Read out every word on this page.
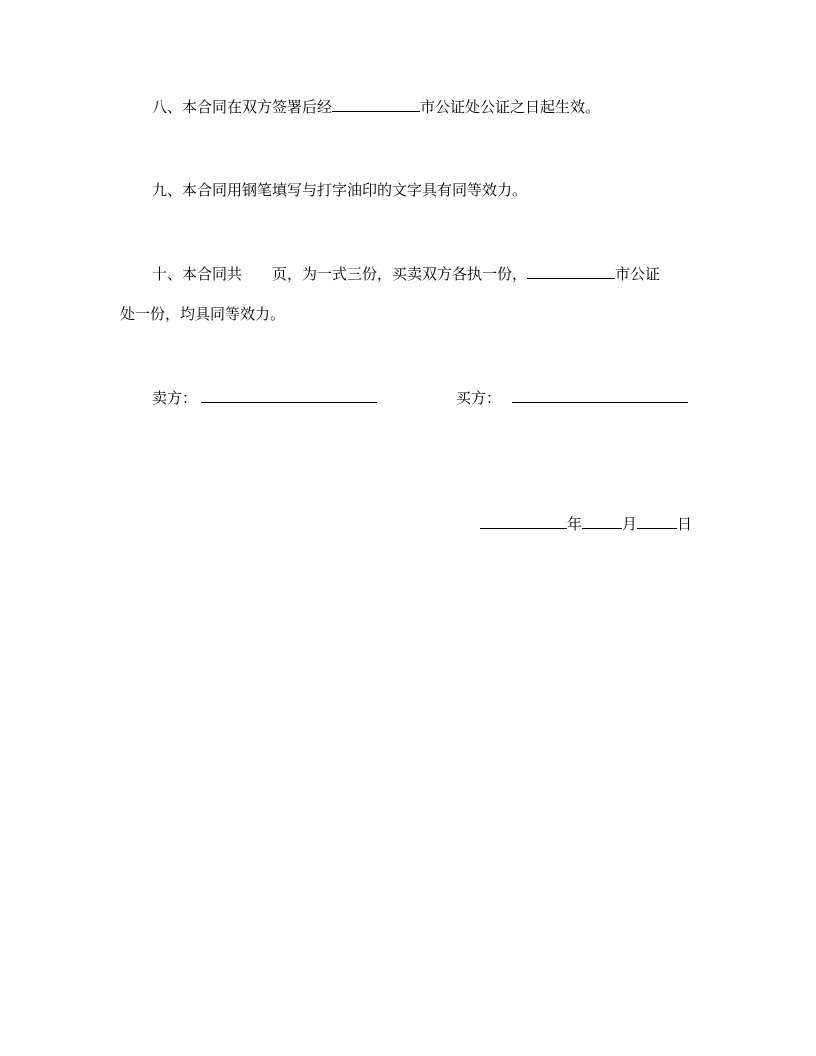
八、本合同在双方签署后经	市公证处公证之日起生效。
九、本合同用钢笔填写与打字油印的文字具有同等效力。
十、本合同共 页，为一式三份，买卖双方各执一份，	市公证
处一份，均具同等效力。
卖方：	买方：
年	月	日
